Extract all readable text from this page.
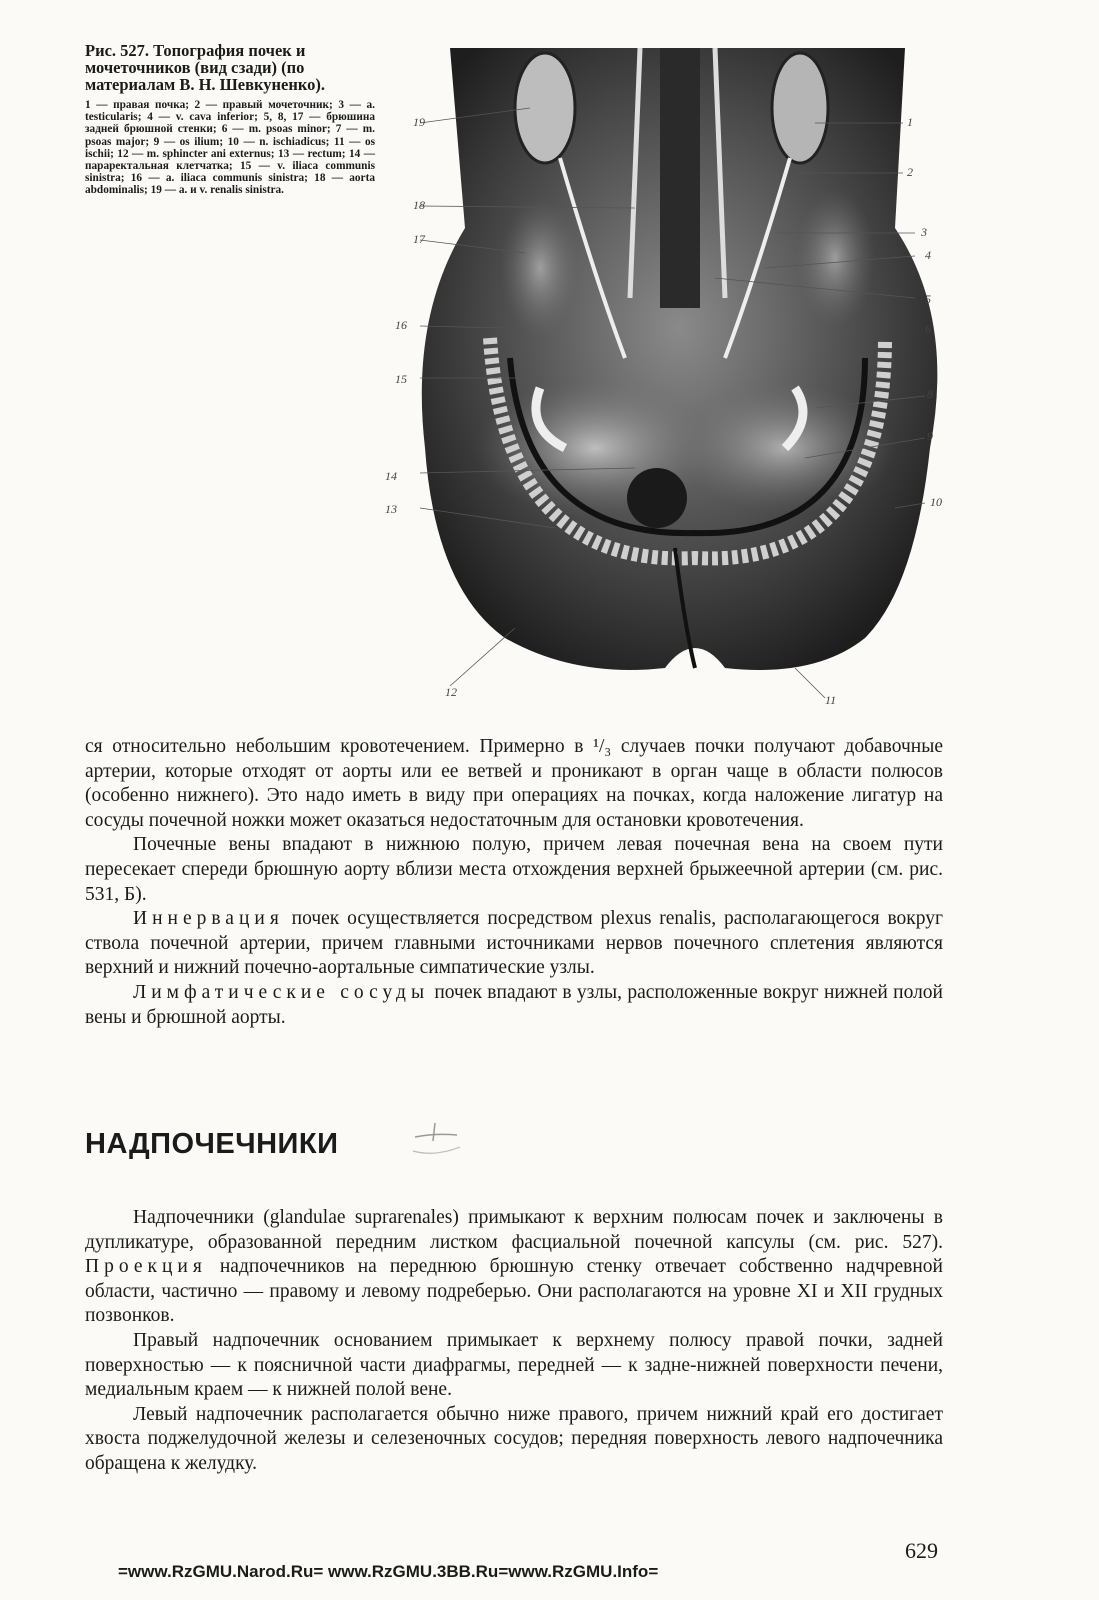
Рис. 527. Топография почек и мочеточников (вид сзади) (по материалам В. Н. Шевкуненко).
1 — правая почка; 2 — правый мочеточник; 3 — a. testicularis; 4 — v. cava inferior; 5, 8, 17 — брюшина задней брюшной стенки; 6 — m. psoas minor; 7 — m. psoas major; 9 — os ilium; 10 — n. ischiadicus; 11 — os ischii; 12 — m. sphincter ani externus; 13 — rectum; 14 — параректальная клетчатка; 15 — v. iliaca communis sinistra; 16 — a. iliaca communis sinistra; 18 — aorta abdominalis; 19 — a. и v. renalis sinistra.
19
18
17
16
15
14
13
1
2
3
4
5
8
9
10
12
11
6

ся относительно небольшим кровотечением. Примерно в ¹/₃ случаев почки получают добавочные артерии, которые отходят от аорты или ее ветвей и проникают в орган чаще в области полюсов (особенно нижнего). Это надо иметь в виду при операциях на почках, когда наложение лигатур на сосуды почечной ножки может оказаться недостаточным для остановки кровотечения.

Почечные вены впадают в нижнюю полую, причем левая почечная вена на своем пути пересекает спереди брюшную аорту вблизи места отхождения верхней брыжеечной артерии (см. рис. 531, Б).

Иннервация почек осуществляется посредством plexus renalis, располагающегося вокруг ствола почечной артерии, причем главными источниками нервов почечного сплетения являются верхний и нижний почечно-аортальные симпатические узлы.

Лимфатические сосуды почек впадают в узлы, расположенные вокруг нижней полой вены и брюшной аорты.

НАДПОЧЕЧНИКИ

Надпочечники (glandulae suprarenales) примыкают к верхним полюсам почек и заключены в дупликатуре, образованной передним листком фасциальной почечной капсулы (см. рис. 527). Проекция надпочечников на переднюю брюшную стенку отвечает собственно надчревной области, частично — правому и левому подреберью. Они располагаются на уровне XI и XII грудных позвонков.

Правый надпочечник основанием примыкает к верхнему полюсу правой почки, задней поверхностью — к поясничной части диафрагмы, передней — к задне-нижней поверхности печени, медиальным краем — к нижней полой вене.

Левый надпочечник располагается обычно ниже правого, причем нижний край его достигает хвоста поджелудочной железы и селезеночных сосудов; передняя поверхность левого надпочечника обращена к желудку.

629
=www.RzGMU.Narod.Ru= www.RzGMU.3BB.Ru=www.RzGMU.Info=
